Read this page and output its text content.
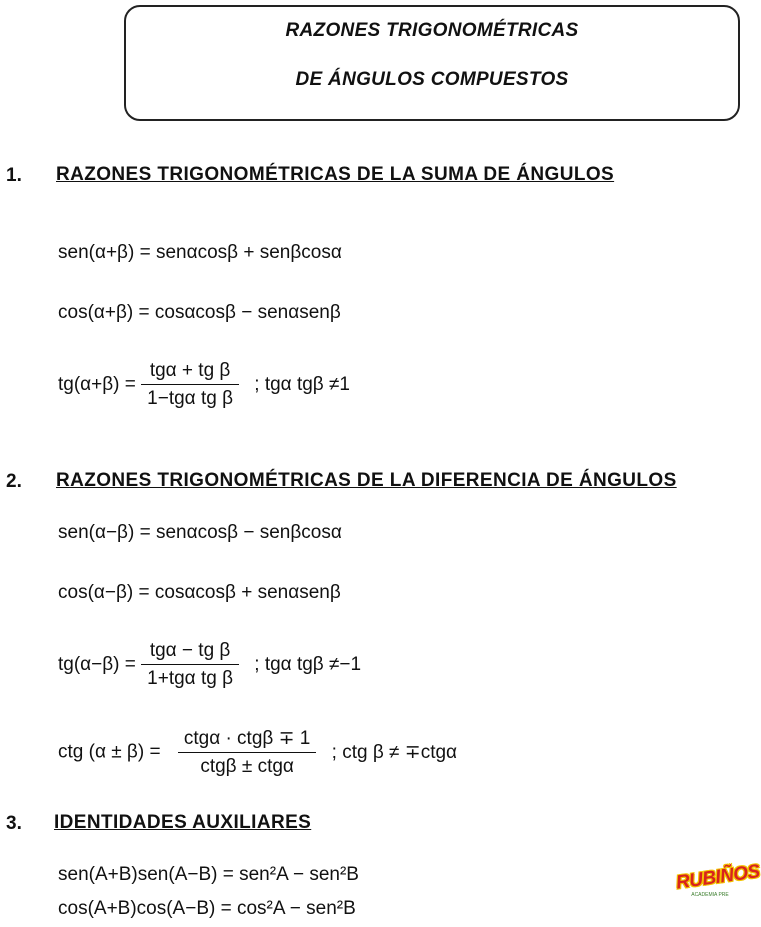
RAZONES TRIGONOMÉTRICAS
DE ÁNGULOS COMPUESTOS
1. RAZONES TRIGONOMÉTRICAS DE LA SUMA DE ÁNGULOS
sen(α+β) = senαcosβ + senβcosα
cos(α+β) = cosαcosβ − senαsenβ
$tg(\alpha+\beta) = \frac{\text{tgα + tg β}}{\text{1−tgα tg β}}$ ; tgα tgβ ≠1
2. RAZONES TRIGONOMÉTRICAS DE LA DIFERENCIA DE ÁNGULOS
sen(α−β) = senαcosβ − senβcosα
cos(α−β) = cosαcosβ + senαsenβ
$tg(\alpha-\beta) = \frac{\text{tgα − tg β}}{\text{1+tgα tg β}}$ ; tgα tgβ ≠−1
ctg $(\alpha \pm \beta) = \frac{\text{ctgα · ctgβ ∓ 1}}{\text{ctgβ ± ctgα}}$ ; ctg β ≠ ∓ctgα
3. IDENTIDADES AUXILIARES
sen(A+B)sen(A−B) = sen²A − sen²B
cos(A+B)cos(A−B) = cos²A − sen²B
RUBIÑOS
ACADEMIA PRE
